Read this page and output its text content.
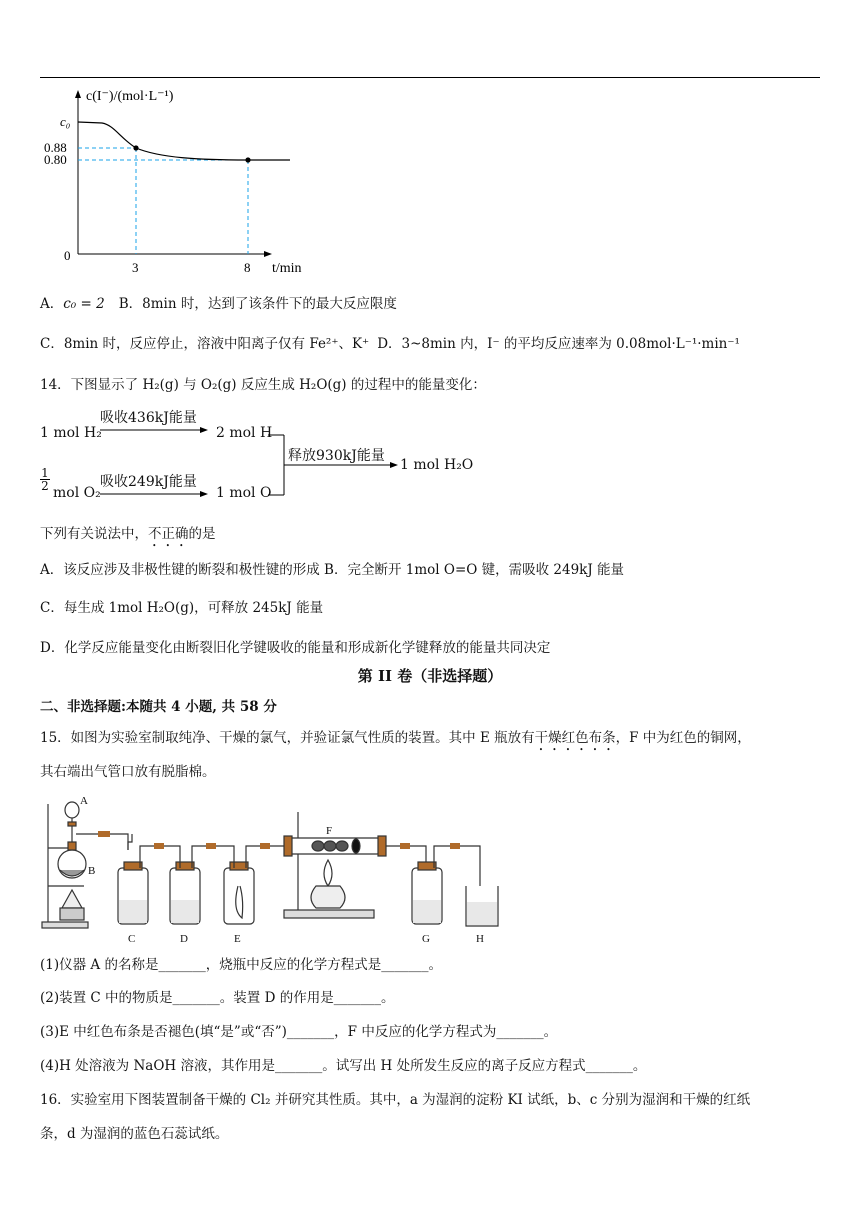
c(I⁻)/(mol·L⁻¹)
c₀
0.88
0.80
0
3	8 t/min
A．c₀ = 2 B．8min 时，达到了该条件下的最大反应限度
C．8min 时，反应停止，溶液中阳离子仅有 Fe²⁺、K⁺ D．3~8min 内，I⁻ 的平均反应速率为 0.08mol·L⁻¹·min⁻¹
14．下图显示了 H₂(g) 与 O₂(g) 反应生成 H₂O(g) 的过程中的能量变化：
1 mol H₂
吸收436kJ能量
2 mol H
$\frac{1}{2}$
mol O₂
吸收249kJ能量
1 mol O
释放930kJ能量
1 mol H₂O
下列有关说法中，不正确的是
A．该反应涉及非极性键的断裂和极性键的形成 B．完全断开 1mol O=O 键，需吸收 249kJ 能量
C．每生成 1mol H₂O(g)，可释放 245kJ 能量
D．化学反应能量变化由断裂旧化学键吸收的能量和形成新化学键释放的能量共同决定
第 II 卷（非选择题）
二、非选择题:本随共 4 小题, 共 58 分
15．如图为实验室制取纯净、干燥的氯气，并验证氯气性质的装置。其中 E 瓶放有干燥红色布条，F 中为红色的铜网，
其右端出气管口放有脱脂棉。
A
B
C	D	E
F
G	H
(1)仪器 A 的名称是_______，烧瓶中反应的化学方程式是_______。
(2)装置 C 中的物质是_______。装置 D 的作用是_______。
(3)E 中红色布条是否褪色(填“是”或“否”)_______，F 中反应的化学方程式为_______。
(4)H 处溶液为 NaOH 溶液，其作用是_______。试写出 H 处所发生反应的离子反应方程式_______。
16．实验室用下图装置制备干燥的 Cl₂ 并研究其性质。其中，a 为湿润的淀粉 KI 试纸，b、c 分别为湿润和干燥的红纸
条，d 为湿润的蓝色石蕊试纸。
